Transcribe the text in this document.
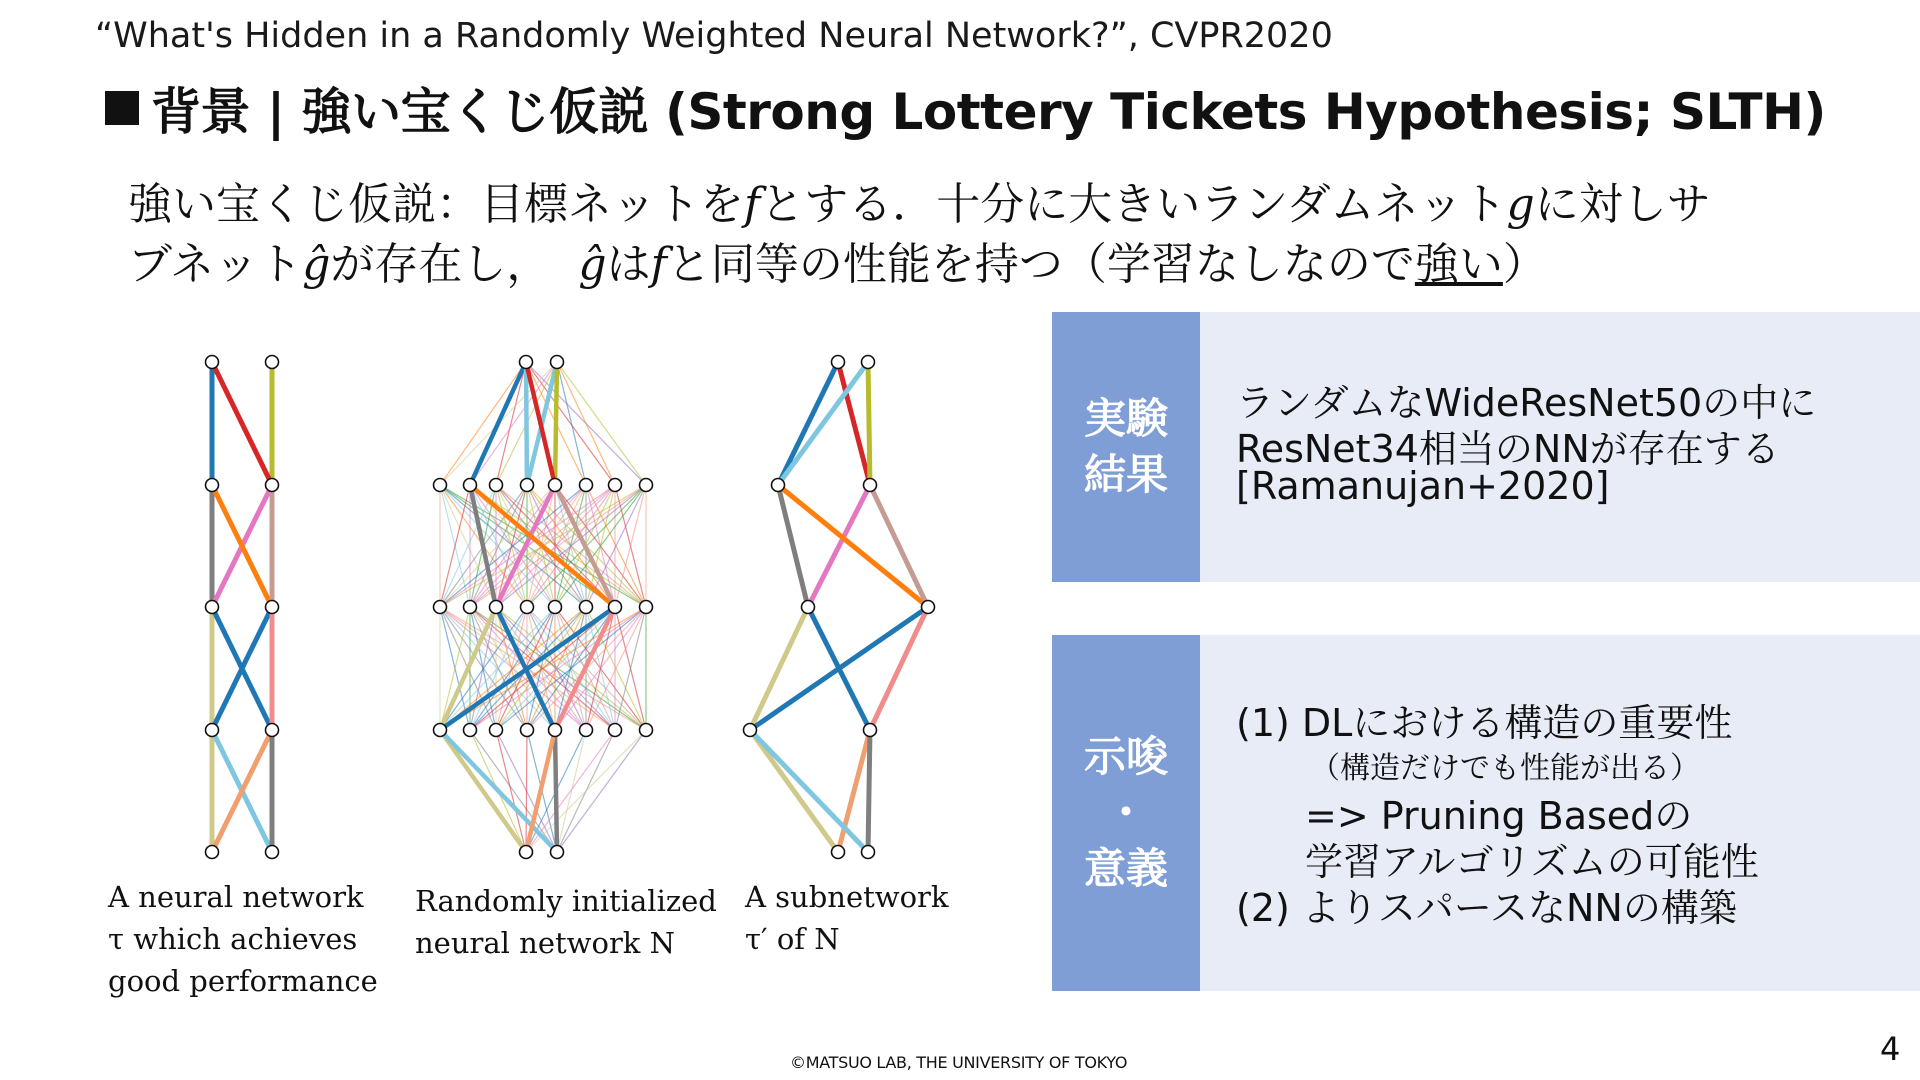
“What's Hidden in a Randomly Weighted Neural Network?”, CVPR2020
背景 | 強い宝くじ仮説 (Strong Lottery Tickets Hypothesis; SLTH)
強い宝くじ仮説：目標ネットをfとする．十分に大きいランダムネットgに対しサ
ブネットĝが存在し， ĝはfと同等の性能を持つ（学習なしなので強い）
A neural network
τ which achieves
good performance
Randomly initialized
neural network N
A subnetwork
τ′ of N
実験
結果
ランダムなWideResNet50の中に
ResNet34相当のNNが存在する
[Ramanujan+2020]
示唆
・
意義
(1) DLにおける構造の重要性
（構造だけでも性能が出る）
=> Pruning Basedの
学習アルゴリズムの可能性
(2) よりスパースなNNの構築
©MATSUO LAB, THE UNIVERSITY OF TOKYO	4
